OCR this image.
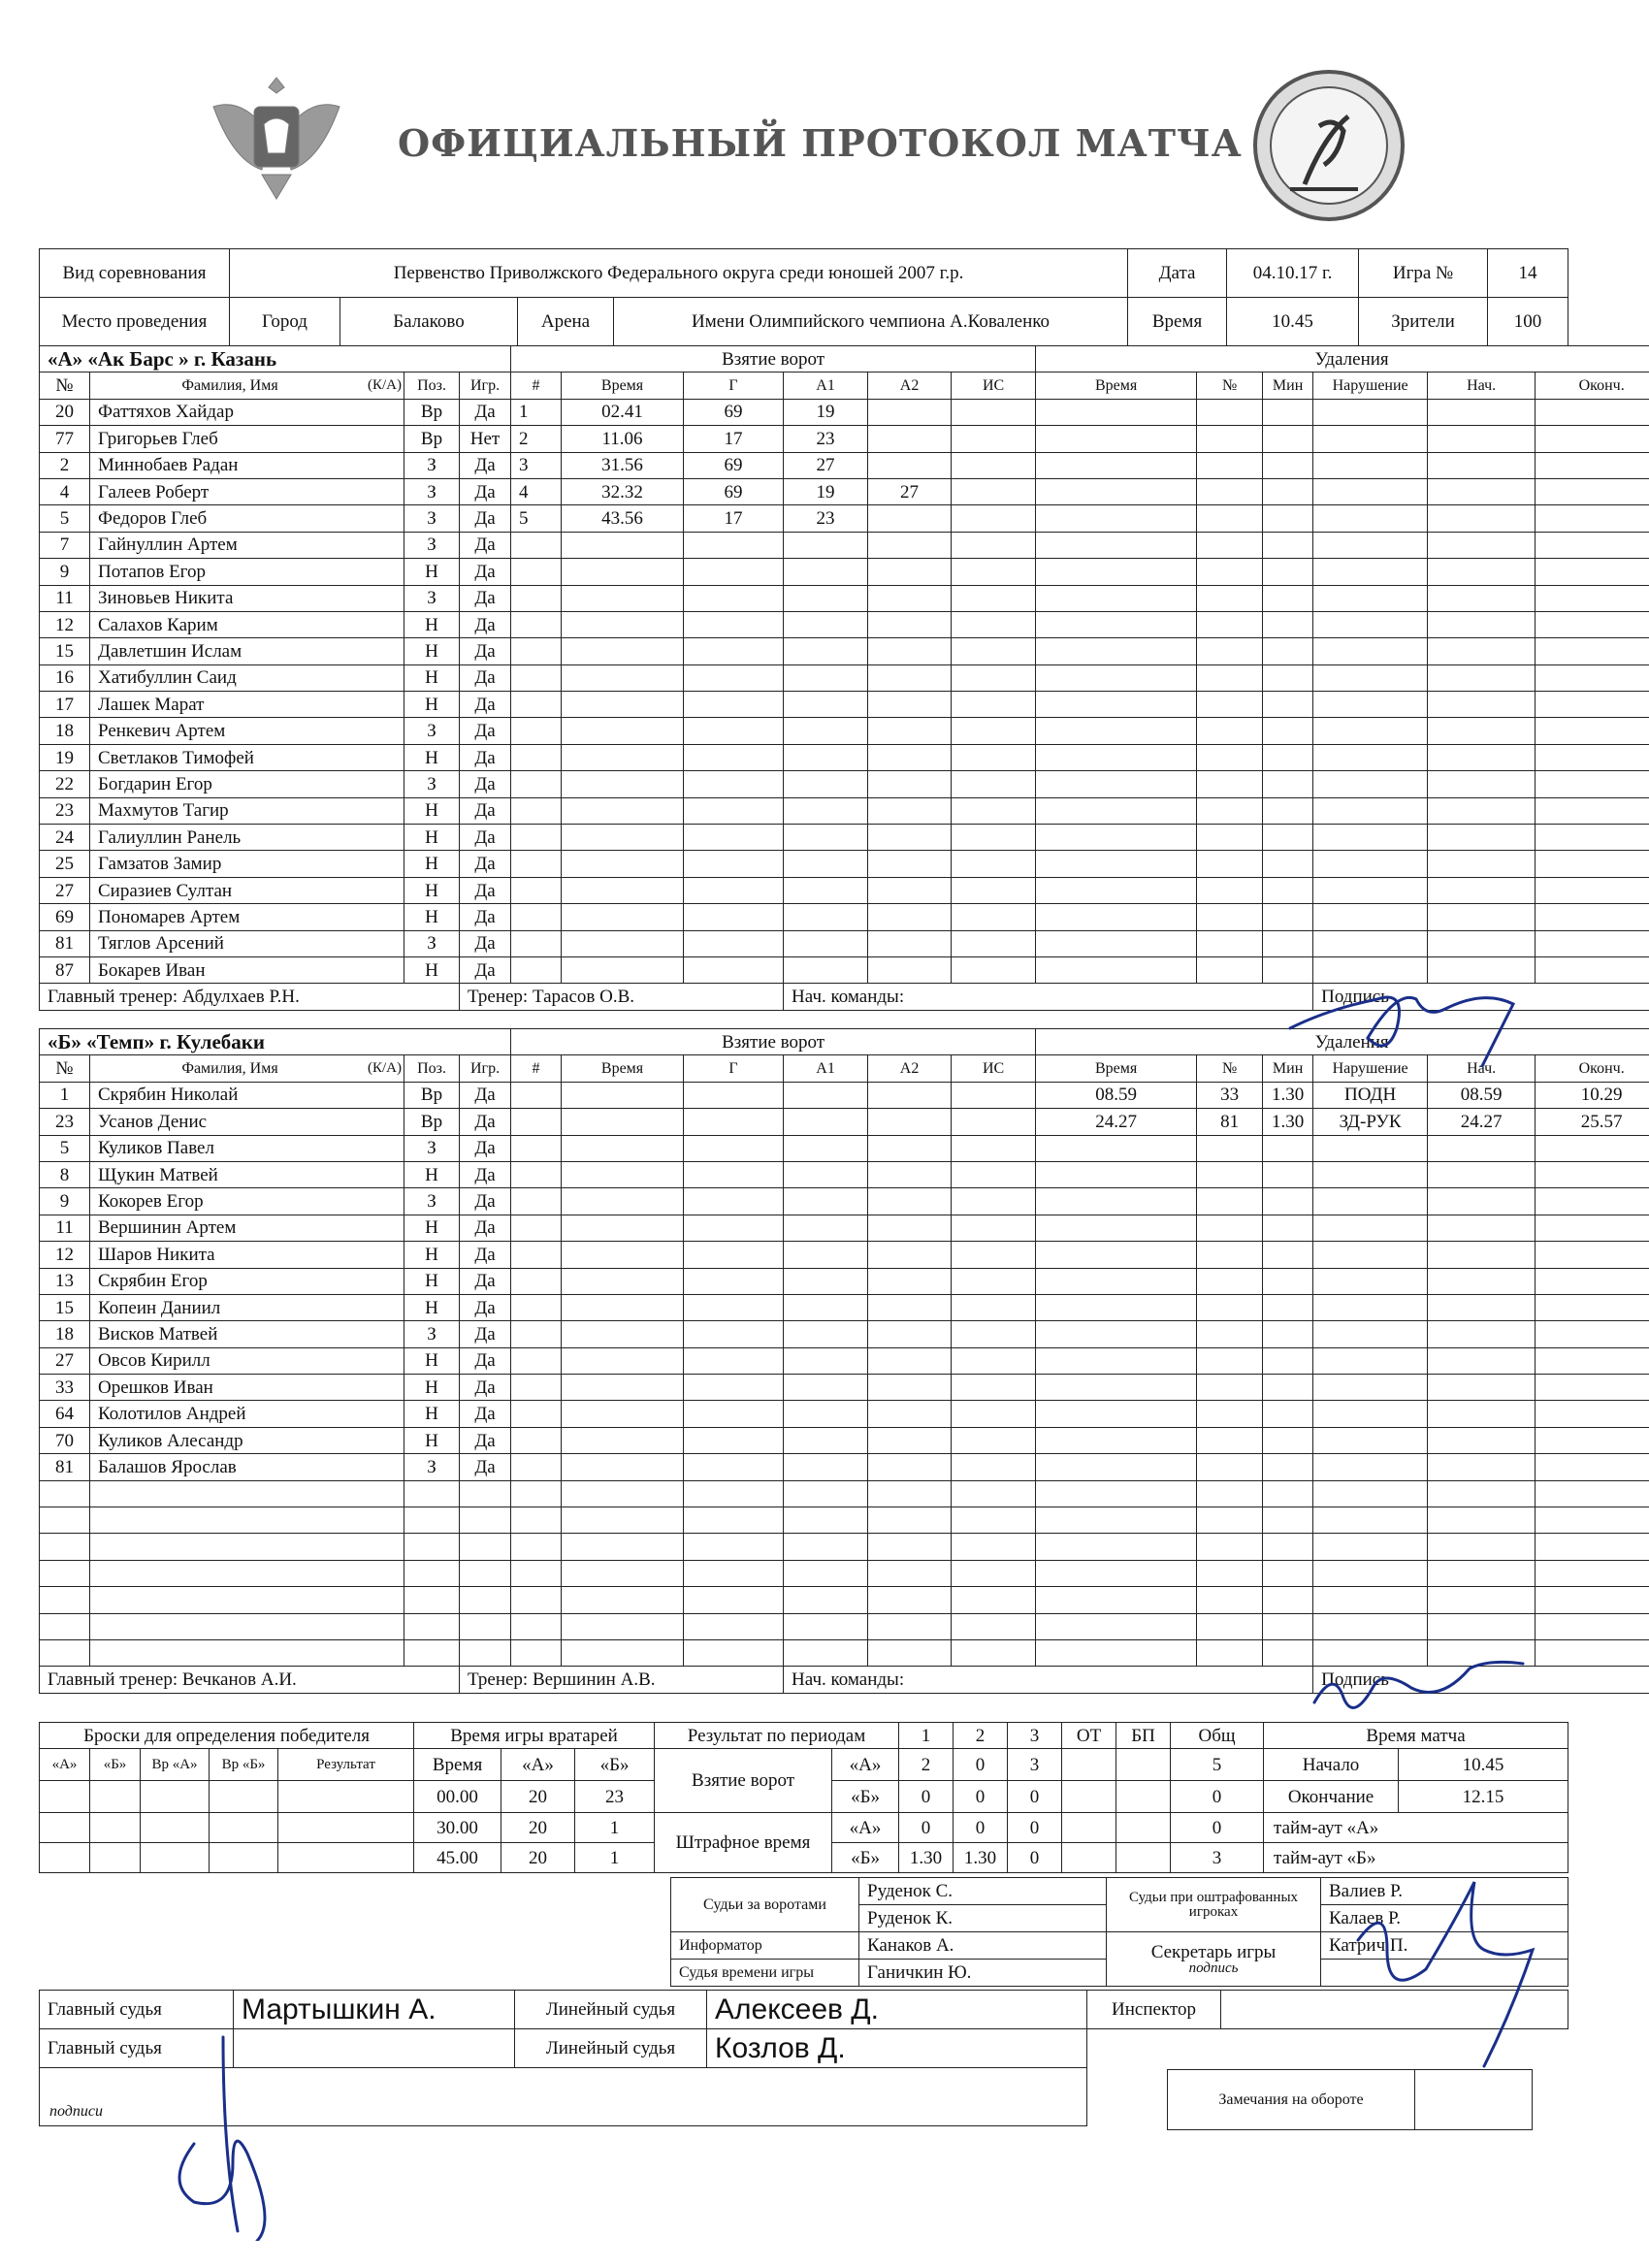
ОФИЦИАЛЬНЫЙ ПРОТОКОЛ МАТЧА
Вид соревнования	Первенство Приволжского Федерального округа среди юношей 2007 г.р.				Дата	04.10.17 г.	Игра №	14
Место проведения	Город	Балаково	Арена	Имени Олимпийского чемпиона А.Коваленко	Время	10.45	Зрители	100
«А» «Ак Барс » г. Казань				Взятие ворот						Удаления					
№	Фамилия, Имя (К/А)	Поз.	Игр.	#	Время	Г	А1	А2	ИС	Время	№	Мин	Нарушение	Нач.	Оконч.
20	Фаттяхов Хайдар	Вр	Да	1	02.41	69	19								
77	Григорьев Глеб	Вр	Нет	2	11.06	17	23								
2	Миннобаев Радан	З	Да	3	31.56	69	27								
4	Галеев Роберт	З	Да	4	32.32	69	19	27							
5	Федоров Глеб	З	Да	5	43.56	17	23								
7	Гайнуллин Артем	З	Да												
9	Потапов Егор	Н	Да												
11	Зиновьев Никита	З	Да												
12	Салахов Карим	Н	Да												
15	Давлетшин Ислам	Н	Да												
16	Хатибуллин Саид	Н	Да												
17	Лашек Марат	Н	Да												
18	Ренкевич Артем	З	Да												
19	Светлаков Тимофей	Н	Да												
22	Богдарин Егор	З	Да												
23	Махмутов Тагир	Н	Да												
24	Галиуллин Ранель	Н	Да												
25	Гамзатов Замир	Н	Да												
27	Сиразиев Султан	Н	Да												
69	Пономарев Артем	Н	Да												
81	Тяглов Арсений	З	Да												
87	Бокарев Иван	Н	Да												
Главный тренер: Абдулхаев Р.Н.			Тренер: Тарасов О.В.				Нач. команды:						Подпись		
«Б» «Темп» г. Кулебаки				Взятие ворот						Удаления					
№	Фамилия, Имя (К/А)	Поз.	Игр.	#	Время	Г	А1	А2	ИС	Время	№	Мин	Нарушение	Нач.	Оконч.
1	Скрябин Николай	Вр	Да							08.59	33	1.30	ПОДН	08.59	10.29
23	Усанов Денис	Вр	Да							24.27	81	1.30	ЗД-РУК	24.27	25.57
5	Куликов Павел	З	Да												
8	Щукин Матвей	Н	Да												
9	Кокорев Егор	З	Да												
11	Вершинин Артем	Н	Да												
12	Шаров Никита	Н	Да												
13	Скрябин Егор	Н	Да												
15	Копеин Даниил	Н	Да												
18	Висков Матвей	З	Да												
27	Овсов Кирилл	Н	Да												
33	Орешков Иван	Н	Да												
64	Колотилов Андрей	Н	Да												
70	Куликов Алесандр	Н	Да												
81	Балашов Ярослав	З	Да												

Главный тренер: Вечканов А.И.			Тренер: Вершинин А.В.				Нач. команды:						Подпись		
Броски для определения победителя					Время игры вратарей			Результат по периодам		1	2	3	ОТ	БП	Общ	Время матча	
«А»	«Б»	Вр «А»	Вр «Б»	Результат	Время	«А»	«Б»	Взятие ворот	«А»	2	0	3			5	Начало	10.45
					00.00	20	23		«Б»	0	0	0			0	Окончание	12.15
					30.00	20	1	Штрафное время	«А»	0	0	0			0	тайм-аут «А»	
					45.00	20	1		«Б»	1.30	1.30	0			3	тайм-аут «Б»	
Судьи за воротами	Руденок С.	Судьи при оштрафованных игроках	Валиев Р.
	Руденок К.		Калаев Р.
Информатор	Канаков А.	Секретарь игры
подпись	Катрич П.
Судья времени игры	Ганичкин Ю.		
Главный судья	Мартышкин А.	Линейный судья	Алексеев Д.	Инспектор	
Главный судья		Линейный судья	Козлов Д.		
подписи					
Замечания на обороте	
